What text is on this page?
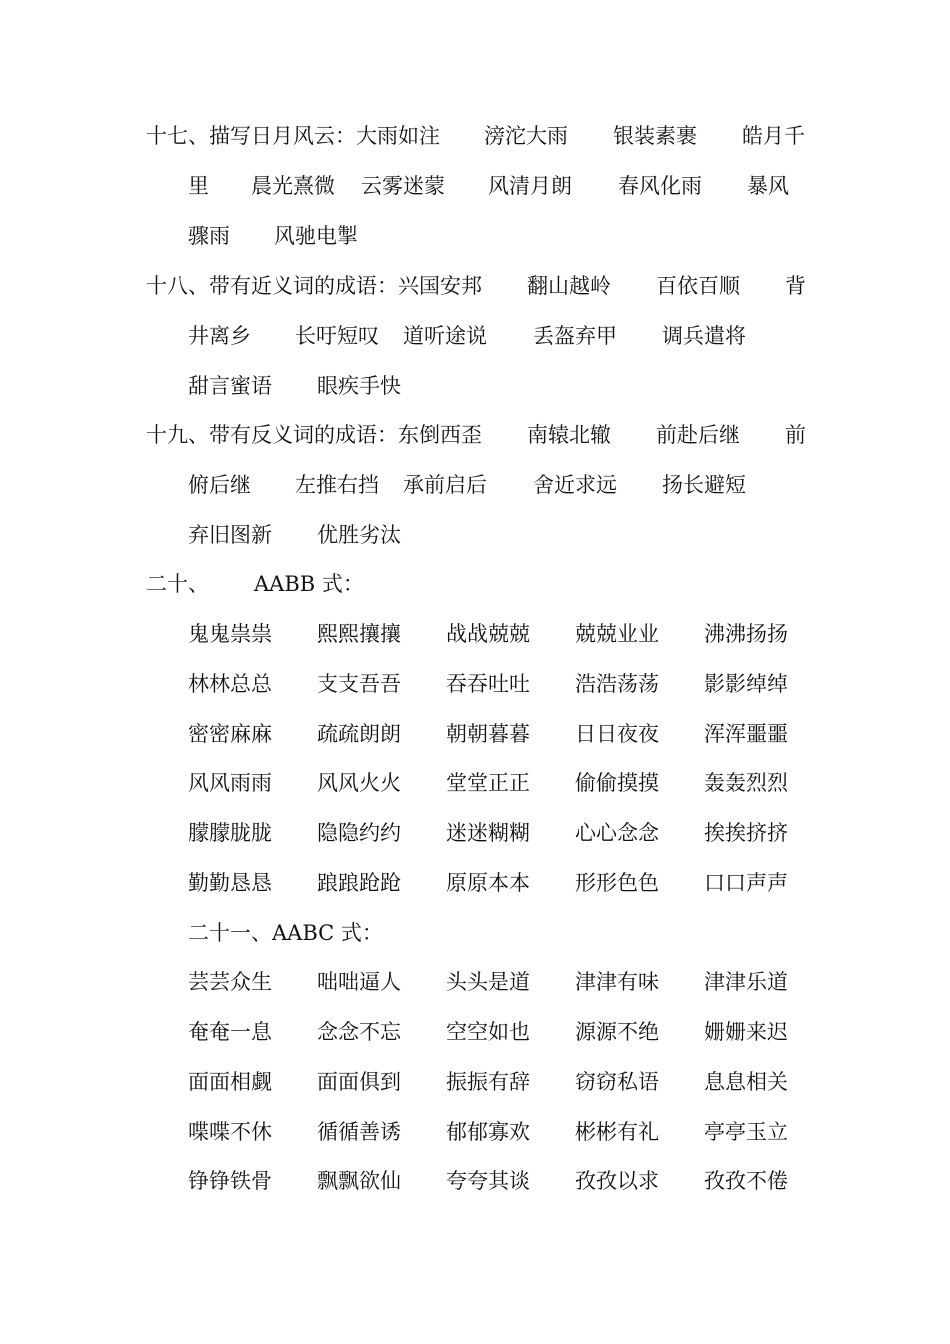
十七、描写日月风云： 大雨如注 滂沱大雨 银装素裹 皓月千
里 晨光熹微 云雾迷蒙 风清月朗 春风化雨 暴风
骤雨 风驰电掣
十八、带有近义词的成语： 兴国安邦 翻山越岭 百依百顺 背
井离乡 长吁短叹 道听途说 丢盔弃甲 调兵遣将
甜言蜜语 眼疾手快
十九、带有反义词的成语： 东倒西歪 南辕北辙 前赴后继 前
俯后继 左推右挡 承前启后 舍近求远 扬长避短
弃旧图新 优胜劣汰
二十、 AABB 式：
鬼鬼祟祟 熙熙攘攘 战战兢兢 兢兢业业 沸沸扬扬
林林总总 支支吾吾 吞吞吐吐 浩浩荡荡 影影绰绰
密密麻麻 疏疏朗朗 朝朝暮暮 日日夜夜 浑浑噩噩
风风雨雨 风风火火 堂堂正正 偷偷摸摸 轰轰烈烈
朦朦胧胧 隐隐约约 迷迷糊糊 心心念念 挨挨挤挤
勤勤恳恳 踉踉跄跄 原原本本 形形色色 口口声声
二十一、AABC 式：
芸芸众生 咄咄逼人 头头是道 津津有味 津津乐道
奄奄一息 念念不忘 空空如也 源源不绝 姗姗来迟
面面相觑 面面俱到 振振有辞 窃窃私语 息息相关
喋喋不休 循循善诱 郁郁寡欢 彬彬有礼 亭亭玉立
铮铮铁骨 飘飘欲仙 夸夸其谈 孜孜以求 孜孜不倦
